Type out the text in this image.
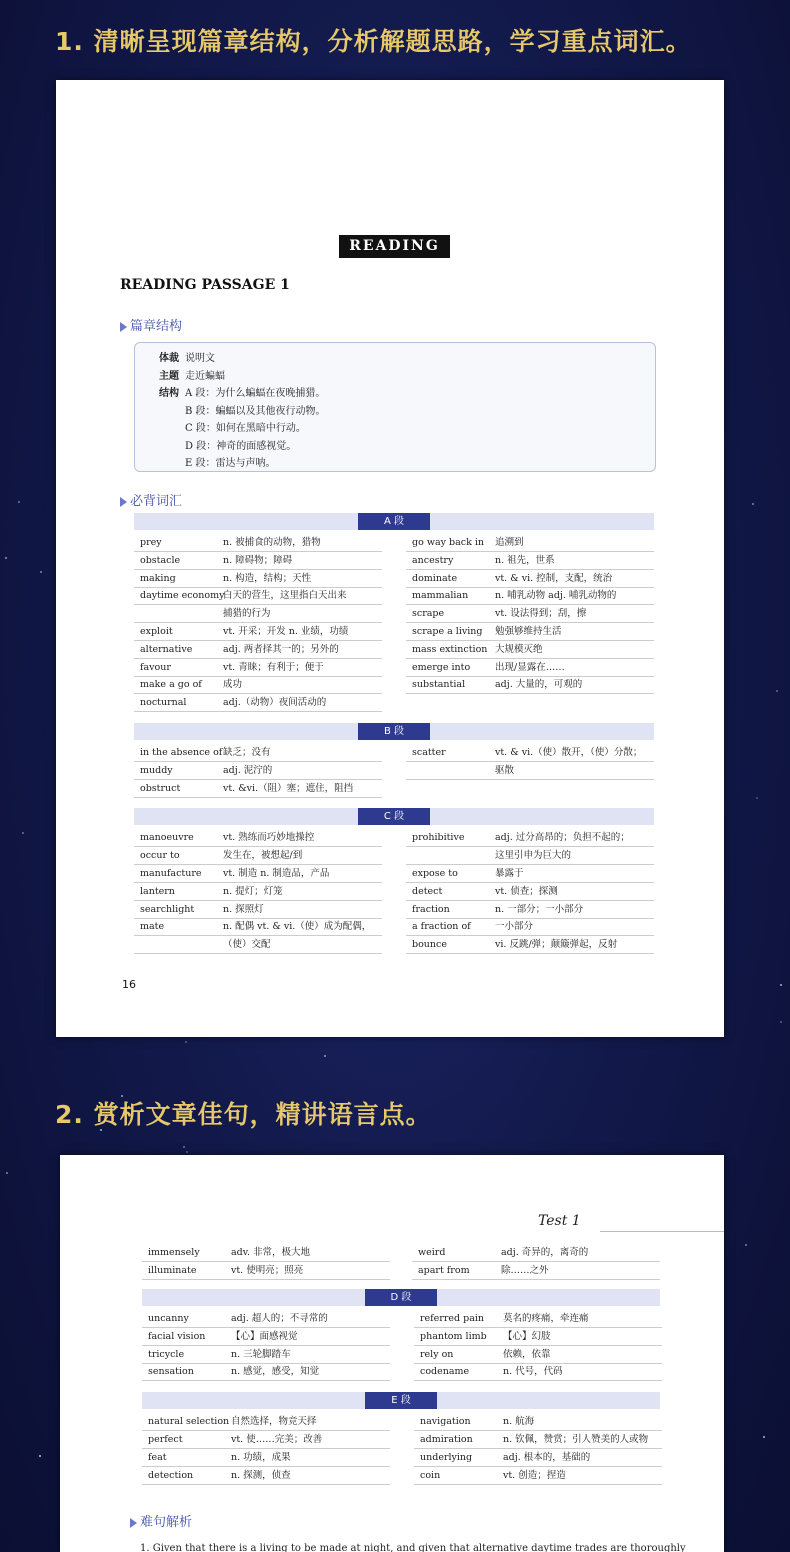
1. 清晰呈现篇章结构，分析解题思路，学习重点词汇。
READING
READING PASSAGE 1
篇章结构
体裁 说明文
主题 走近蝙蝠
结构 A 段：为什么蝙蝠在夜晚捕猎。
B 段：蝙蝠以及其他夜行动物。
C 段：如何在黑暗中行动。
D 段：神奇的面感视觉。
E 段：雷达与声呐。
必背词汇
A 段
prey	n. 被捕食的动物，猎物
obstacle	n. 障碍物；障碍
making	n. 构造，结构；天性
daytime economy
白天的营生，这里指白天出来
捕猎的行为
exploit	vt. 开采；开发 n. 业绩，功绩
alternative	adj. 两者择其一的；另外的
favour	vt. 青睐；有利于；便于
make a go of 成功
nocturnal	adj.（动物）夜间活动的
go way back in 追溯到
ancestry	n. 祖先，世系
dominate	vt. & vi. 控制，支配，统治
mammalian	n. 哺乳动物 adj. 哺乳动物的
scrape	vt. 设法得到；刮，擦
scrape a living 勉强够维持生活
mass extinction 大规模灭绝
emerge into	出现/显露在……
substantial	adj. 大量的，可观的
B 段
in the absence of 缺乏；没有
muddy	adj. 泥泞的
obstruct	vt. &vi.（阻）塞；遮住，阻挡
scatter	vt. & vi.（使）散开，（使）分散；
驱散
C 段
manoeuvre	vt. 熟练而巧妙地操控
occur to	发生在，被想起/到
manufacture vt. 制造 n. 制造品，产品
lantern	n. 提灯；灯笼
searchlight	n. 探照灯
mate	n. 配偶 vt. & vi.（使）成为配偶，
（使）交配
prohibitive	adj. 过分高昂的；负担不起的；
这里引申为巨大的
expose to	暴露于
detect	vt. 侦查；探测
fraction	n. 一部分；一小部分
a fraction of	一小部分
bounce	vi. 反跳/弹；颠簸弹起，反射
16
2. 赏析文章佳句，精讲语言点。
Test 1
immensely	adv. 非常，极大地
illuminate	vt. 使明亮；照亮
weird	adj. 奇异的，离奇的
apart from	除……之外
D 段
uncanny	adj. 超人的；不寻常的
facial vision	【心】面感视觉
tricycle	n. 三轮脚踏车
sensation	n. 感觉，感受，知觉
referred pain 莫名的疼痛，牵连痛
phantom limb 【心】幻肢
rely on	依赖，依靠
codename	n. 代号，代码
E 段
natural selection 自然选择，物竞天择
perfect	vt. 使……完美；改善
feat	n. 功绩，成果
detection	n. 探测，侦查
navigation	n. 航海
admiration	n. 钦佩，赞赏；引人赞美的人或物
underlying	adj. 根本的，基础的
coin	vt. 创造；捏造
难句解析
1. Given that there is a living to be made at night, and given that alternative daytime trades are thoroughly
